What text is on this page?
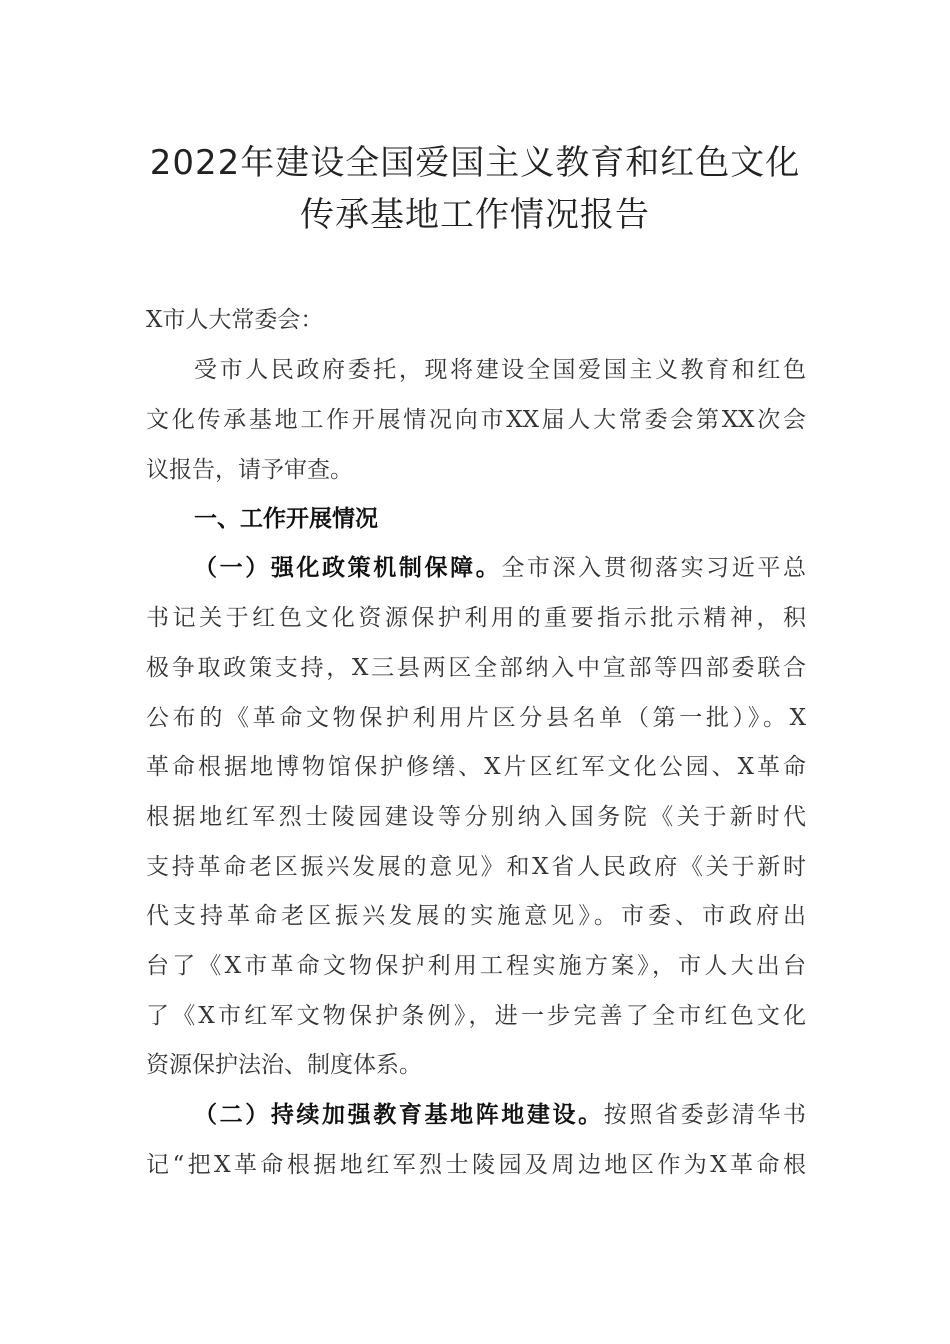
2022年建设全国爱国主义教育和红色文化
传承基地工作情况报告
X市人大常委会：
受市人民政府委托，现将建设全国爱国主义教育和红色
文化传承基地工作开展情况向市XX届人大常委会第XX次会
议报告，请予审查。
一、工作开展情况
（一）强化政策机制保障。全市深入贯彻落实习近平总
书记关于红色文化资源保护利用的重要指示批示精神，积
极争取政策支持，X三县两区全部纳入中宣部等四部委联合
公布的《革命文物保护利用片区分县名单（第一批）》。X
革命根据地博物馆保护修缮、X片区红军文化公园、X革命
根据地红军烈士陵园建设等分别纳入国务院《关于新时代
支持革命老区振兴发展的意见》和X省人民政府《关于新时
代支持革命老区振兴发展的实施意见》。市委、市政府出
台了《X市革命文物保护利用工程实施方案》，市人大出台
了《X市红军文物保护条例》，进一步完善了全市红色文化
资源保护法治、制度体系。
（二）持续加强教育基地阵地建设。按照省委彭清华书
记“把X革命根据地红军烈士陵园及周边地区作为X革命根
